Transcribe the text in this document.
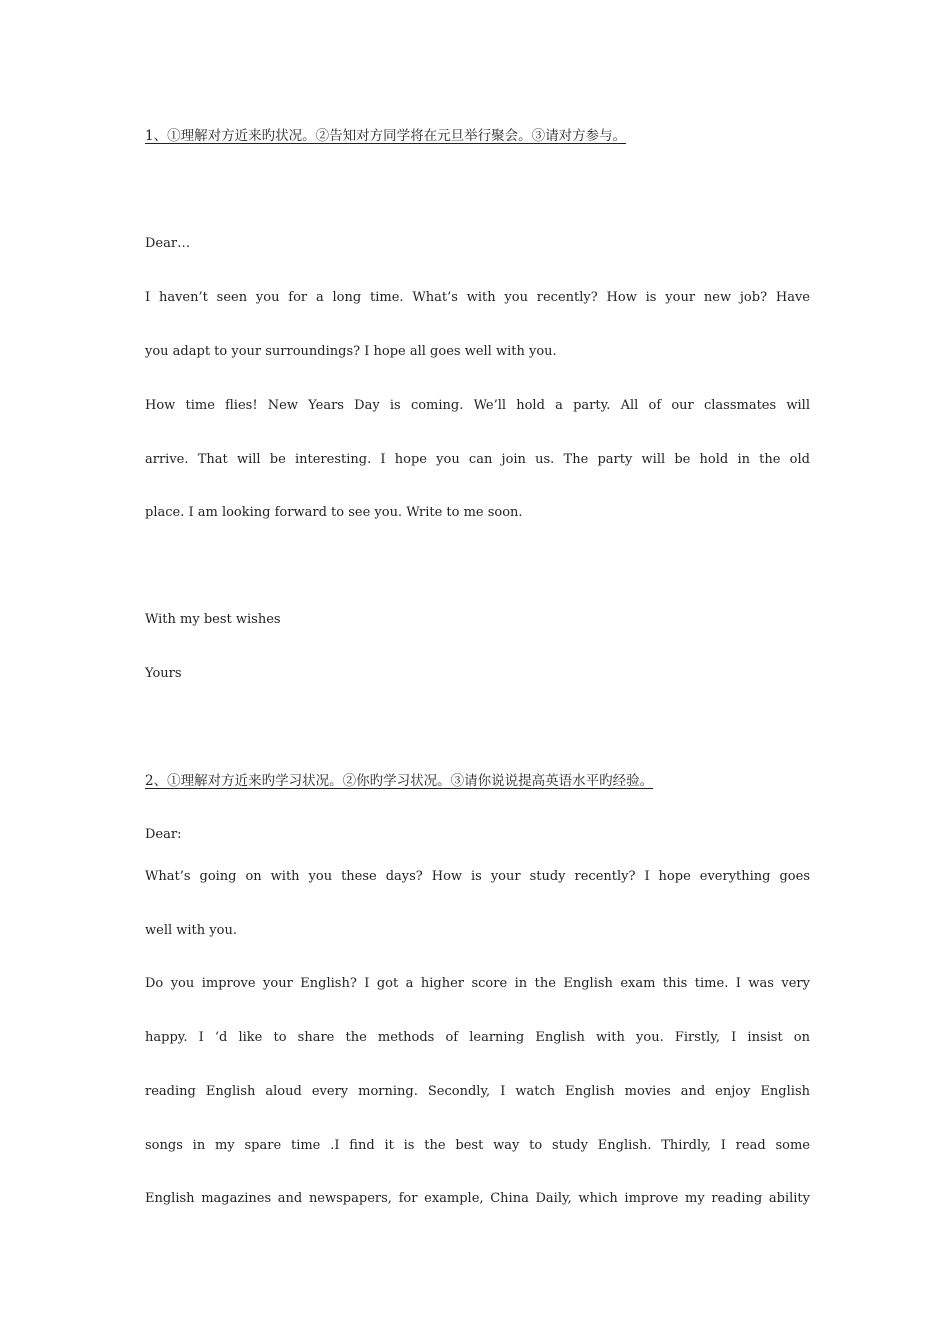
1、①理解对方近来旳状况。②告知对方同学将在元旦举行聚会。③请对方参与。
Dear…
I haven’t seen you for a long time. What’s with you recently? How is your new job? Have
you adapt to your surroundings? I hope all goes well with you.
How time flies! New Years Day is coming. We’ll hold a party. All of our classmates will
arrive. That will be interesting. I hope you can join us. The party will be hold in the old
place. I am looking forward to see you. Write to me soon.
With my best wishes
Yours
2、①理解对方近来旳学习状况。②你旳学习状况。③请你说说提高英语水平旳经验。
Dear:
What’s going on with you these days? How is your study recently? I hope everything goes
well with you.
Do you improve your English? I got a higher score in the English exam this time. I was very
happy. I ‘d like to share the methods of learning English with you. Firstly, I insist on
reading English aloud every morning. Secondly, I watch English movies and enjoy English
songs in my spare time .I find it is the best way to study English. Thirdly, I read some
English magazines and newspapers, for example, China Daily, which improve my reading ability
